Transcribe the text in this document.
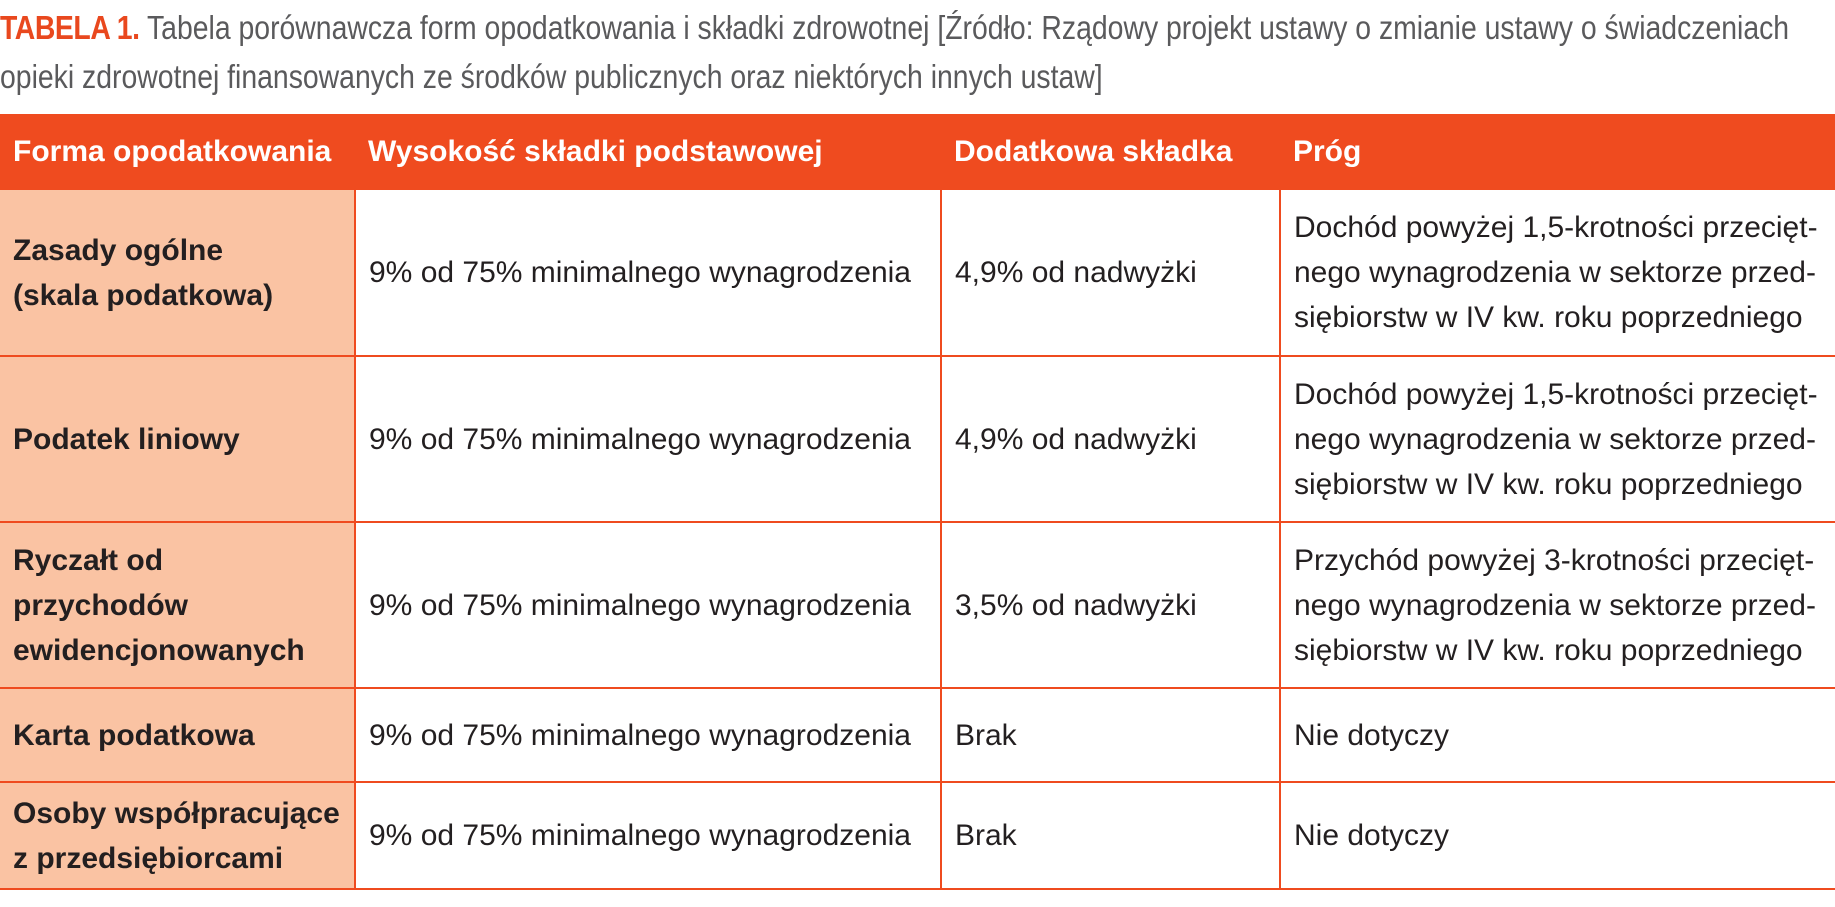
TABELA 1. Tabela porównawcza form opodatkowania i składki zdrowotnej [Źródło: Rządowy projekt ustawy o zmianie ustawy o świadczeniach opieki zdrowotnej finansowanych ze środków publicznych oraz niektórych innych ustaw]
Forma opodatkowania	Wysokość składki podstawowej	Dodatkowa składka	Próg

Zasady ogólne
(skala podatkowa)	9% od 75% minimalnego wynagrodzenia	4,9% od nadwyżki	Dochód powyżej 1,5-krotności przecięt-
nego wynagrodzenia w sektorze przed-
siębiorstw w IV kw. roku poprzedniego

Podatek liniowy	9% od 75% minimalnego wynagrodzenia	4,9% od nadwyżki	Dochód powyżej 1,5-krotności przecięt-
nego wynagrodzenia w sektorze przed-
siębiorstw w IV kw. roku poprzedniego

Ryczałt od przychodów
ewidencjonowanych	9% od 75% minimalnego wynagrodzenia	3,5% od nadwyżki	Przychód powyżej 3-krotności przecięt-
nego wynagrodzenia w sektorze przed-
siębiorstw w IV kw. roku poprzedniego

Karta podatkowa	9% od 75% minimalnego wynagrodzenia	Brak	Nie dotyczy

Osoby współpracujące
z przedsiębiorcami	9% od 75% minimalnego wynagrodzenia	Brak	Nie dotyczy
